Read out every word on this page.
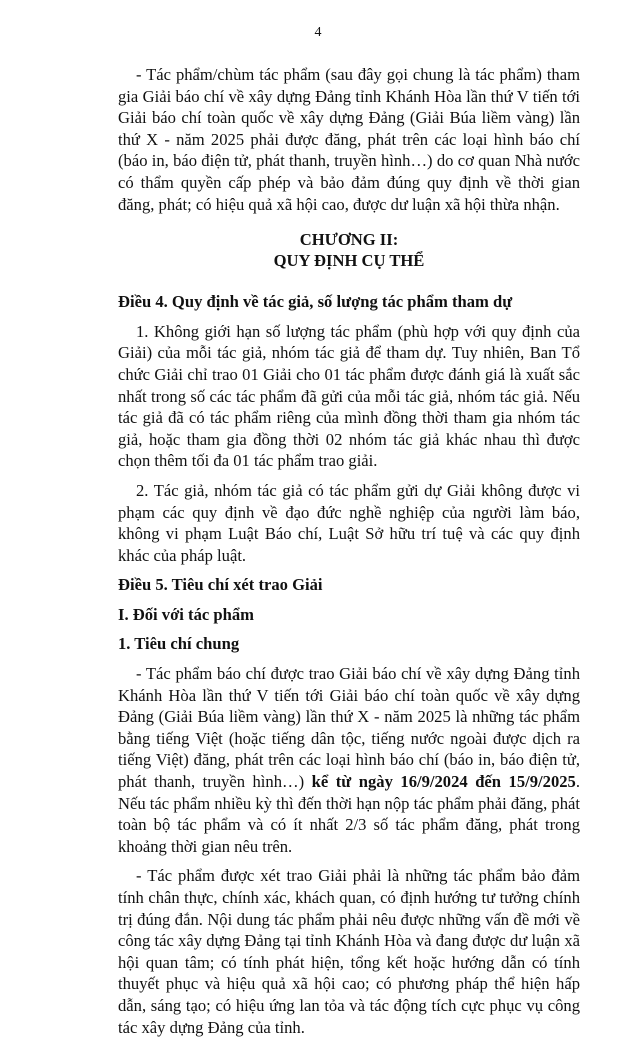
4

- Tác phẩm/chùm tác phẩm (sau đây gọi chung là tác phẩm) tham gia Giải báo chí về xây dựng Đảng tỉnh Khánh Hòa lần thứ V tiến tới Giải báo chí toàn quốc về xây dựng Đảng (Giải Búa liềm vàng) lần thứ X - năm 2025 phải được đăng, phát trên các loại hình báo chí (báo in, báo điện tử, phát thanh, truyền hình…) do cơ quan Nhà nước có thẩm quyền cấp phép và bảo đảm đúng quy định về thời gian đăng, phát; có hiệu quả xã hội cao, được dư luận xã hội thừa nhận.

CHƯƠNG II:
QUY ĐỊNH CỤ THỂ

Điều 4. Quy định về tác giả, số lượng tác phẩm tham dự

1. Không giới hạn số lượng tác phẩm (phù hợp với quy định của Giải) của mỗi tác giả, nhóm tác giả để tham dự. Tuy nhiên, Ban Tổ chức Giải chỉ trao 01 Giải cho 01 tác phẩm được đánh giá là xuất sắc nhất trong số các tác phẩm đã gửi của mỗi tác giả, nhóm tác giả. Nếu tác giả đã có tác phẩm riêng của mình đồng thời tham gia nhóm tác giả, hoặc tham gia đồng thời 02 nhóm tác giả khác nhau thì được chọn thêm tối đa 01 tác phẩm trao giải.

2. Tác giả, nhóm tác giả có tác phẩm gửi dự Giải không được vi phạm các quy định về đạo đức nghề nghiệp của người làm báo, không vi phạm Luật Báo chí, Luật Sở hữu trí tuệ và các quy định khác của pháp luật.

Điều 5. Tiêu chí xét trao Giải

I. Đối với tác phẩm

1. Tiêu chí chung

- Tác phẩm báo chí được trao Giải báo chí về xây dựng Đảng tỉnh Khánh Hòa lần thứ V tiến tới Giải báo chí toàn quốc về xây dựng Đảng (Giải Búa liềm vàng) lần thứ X - năm 2025 là những tác phẩm bằng tiếng Việt (hoặc tiếng dân tộc, tiếng nước ngoài được dịch ra tiếng Việt) đăng, phát trên các loại hình báo chí (báo in, báo điện tử, phát thanh, truyền hình…) kể từ ngày 16/9/2024 đến 15/9/2025. Nếu tác phẩm nhiều kỳ thì đến thời hạn nộp tác phẩm phải đăng, phát toàn bộ tác phẩm và có ít nhất 2/3 số tác phẩm đăng, phát trong khoảng thời gian nêu trên.

- Tác phẩm được xét trao Giải phải là những tác phẩm bảo đảm tính chân thực, chính xác, khách quan, có định hướng tư tưởng chính trị đúng đắn. Nội dung tác phẩm phải nêu được những vấn đề mới về công tác xây dựng Đảng tại tỉnh Khánh Hòa và đang được dư luận xã hội quan tâm; có tính phát hiện, tổng kết hoặc hướng dẫn có tính thuyết phục và hiệu quả xã hội cao; có phương pháp thể hiện hấp dẫn, sáng tạo; có hiệu ứng lan tỏa và tác động tích cực phục vụ công tác xây dựng Đảng của tỉnh.
